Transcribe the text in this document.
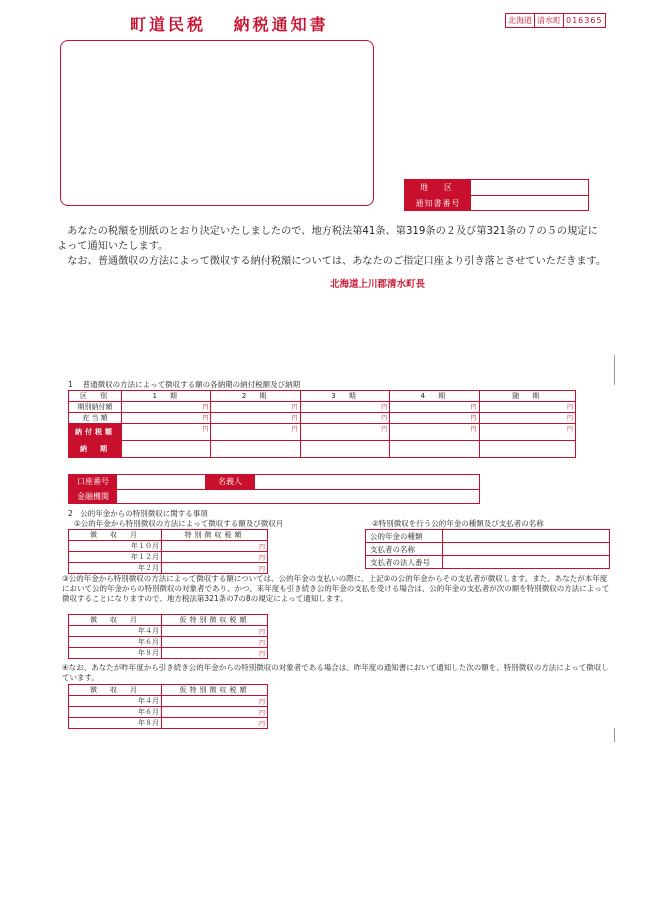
町道民税　 納税通知書	北海道 清水町 016365
地　区
通知書番号

あなたの税額を別紙のとおり決定いたしましたので、地方税法第41条、第319条の２及び第321条の７の５の規定によって通知いたします。

なお、普通徴収の方法によって徴収する納付税額については、あなたのご指定口座より引き落とさせていただきます。

北海道上川郡清水町長
1　 普通徴収の方法によって徴収する額の各納期の納付税額及び納期
区　別	1　期	2　期	3　期	4　期	随　期
期別納付額	円	円	円	円	円
充 当 額	円	円	円	円	円
納付税額	円	円	円	円	円
納　期					
口座番号	名義人
金融機関
2　公的年金からの特別徴収に関する事項
①公的年金から特別徴収の方法によって徴収する額及び徴収月
徴　収　月	特別徴収税額
年１０月	円
年１２月	円
年２月	円
②特別徴収を行う公的年金の種類及び支払者の名称
公的年金の種類	
支払者の名称	
支払者の法人番号	
③公的年金から特別徴収の方法によって徴収する額については、公的年金の支払いの際に、上記②の公的年金からその支払者が徴収します。また、あなたが本年度において公的年金からの特別徴収の対象者であり、かつ、来年度も引き続き公的年金の支払を受ける場合は、公的年金の支払者が次の額を特別徴収の方法によって徴収することになりますので、地方税法第321条の7の8の規定によって通知します。
徴　収　月	仮特別徴収税額
年４月	円
年６月	円
年８月	円
④なお、あなたが昨年度から引き続き公的年金からの特別徴収の対象者である場合は、昨年度の通知書において通知した次の額を、特別徴収の方法によって徴収しています。
徴　収　月	仮特別徴収税額
年４月	円
年６月	円
年８月	円
